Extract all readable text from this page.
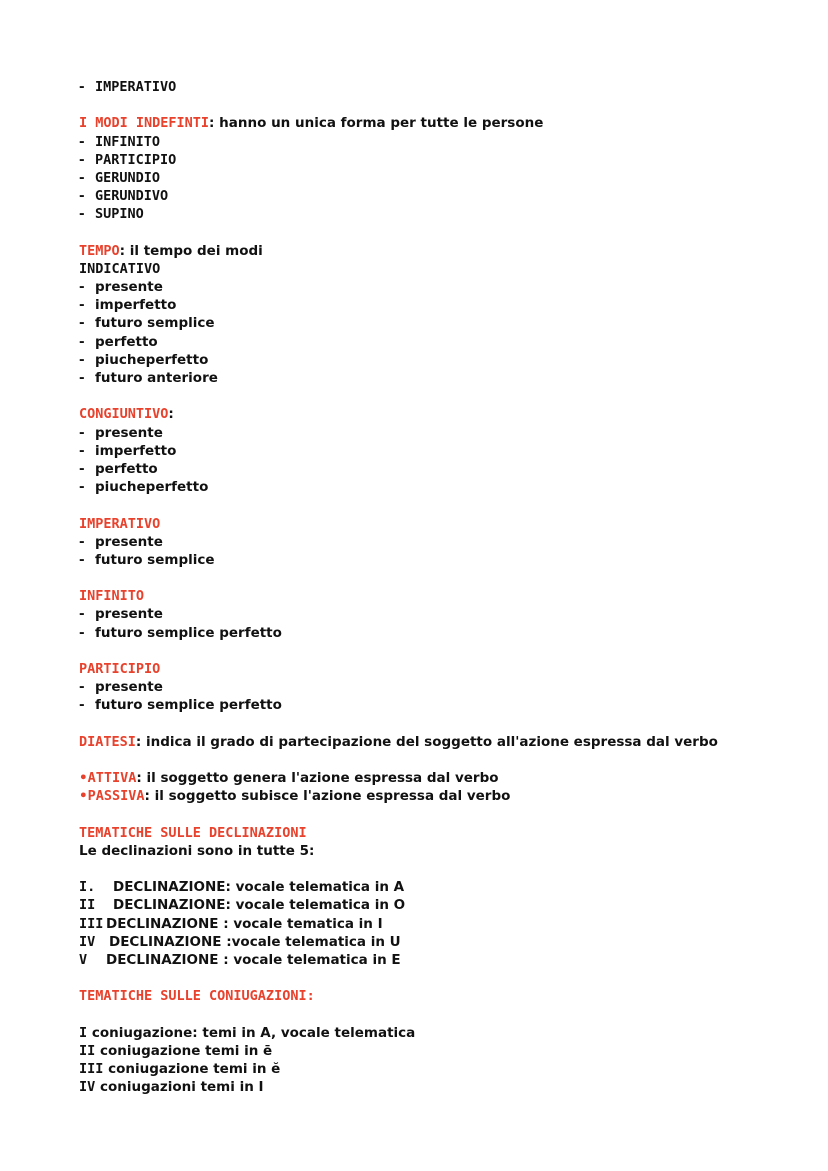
- IMPERATIVO
I MODI INDEFINTI: hanno un unica forma per tutte le persone
- INFINITO
- PARTICIPIO
- GERUNDIO
- GERUNDIVO
- SUPINO
TEMPO: il tempo dei modi
INDICATIVO
- presente
- imperfetto
- futuro semplice
- perfetto
- piucheperfetto
- futuro anteriore
CONGIUNTIVO:
- presente
- imperfetto
- perfetto
- piucheperfetto
IMPERATIVO
- presente
- futuro semplice
INFINITO
- presente
- futuro semplice perfetto
PARTICIPIO
- presente
- futuro semplice perfetto
DIATESI: indica il grado di partecipazione del soggetto all'azione espressa dal verbo
•ATTIVA: il soggetto genera l'azione espressa dal verbo
•PASSIVA: il soggetto subisce l'azione espressa dal verbo
TEMATICHE SULLE DECLINAZIONI
Le declinazioni sono in tutte 5:
I. DECLINAZIONE: vocale telematica in A
II DECLINAZIONE: vocale telematica in O
III DECLINAZIONE : vocale tematica in I
IV DECLINAZIONE :vocale telematica in U
V DECLINAZIONE : vocale telematica in E
TEMATICHE SULLE CONIUGAZIONI:
I coniugazione: temi in A, vocale telematica
II coniugazione temi in ē
III coniugazione temi in ĕ
IV coniugazioni temi in I
